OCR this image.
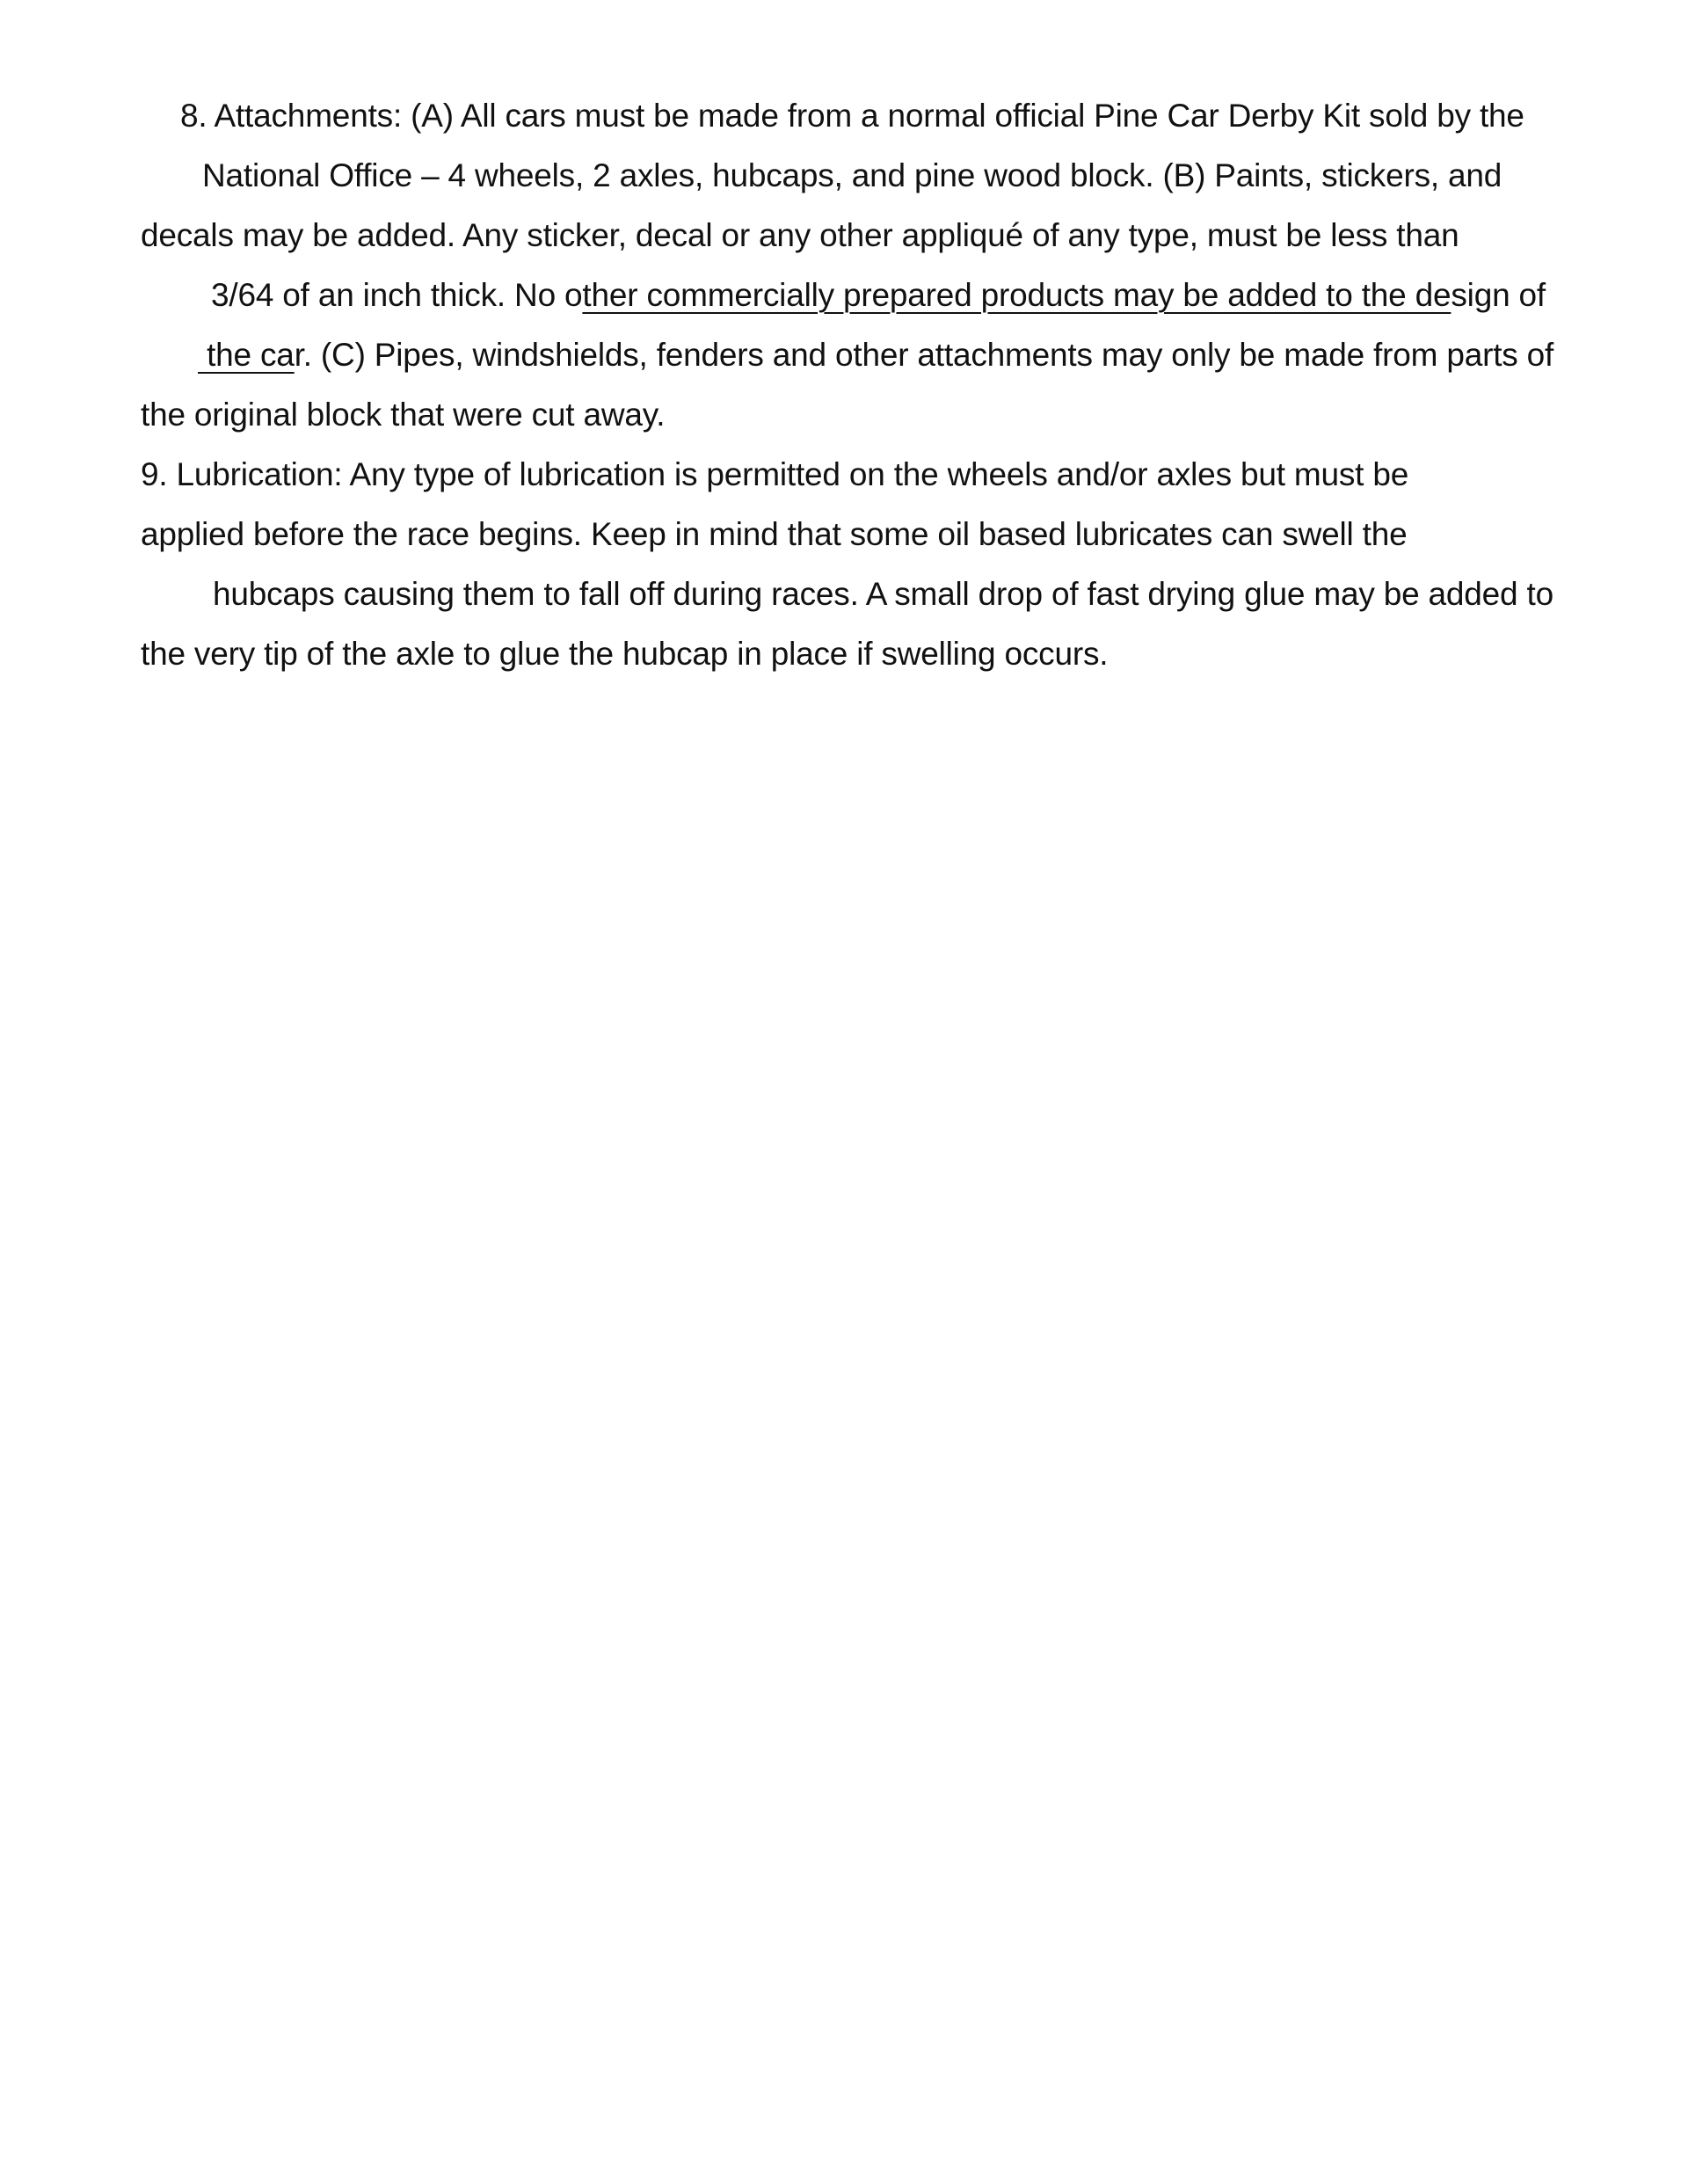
8. Attachments: (A) All cars must be made from a normal official Pine Car Derby Kit sold by the
National Office – 4 wheels, 2 axles, hubcaps, and pine wood block. (B) Paints, stickers, and
decals may be added. Any sticker, decal or any other appliqué of any type, must be less than
3/64 of an inch thick. No other commercially prepared products may be added to the design of
the car. (C) Pipes, windshields, fenders and other attachments may only be made from parts of
the original block that were cut away.
9. Lubrication: Any type of lubrication is permitted on the wheels and/or axles but must be
applied before the race begins. Keep in mind that some oil based lubricates can swell the
hubcaps causing them to fall off during races. A small drop of fast drying glue may be added to
the very tip of the axle to glue the hubcap in place if swelling occurs.
